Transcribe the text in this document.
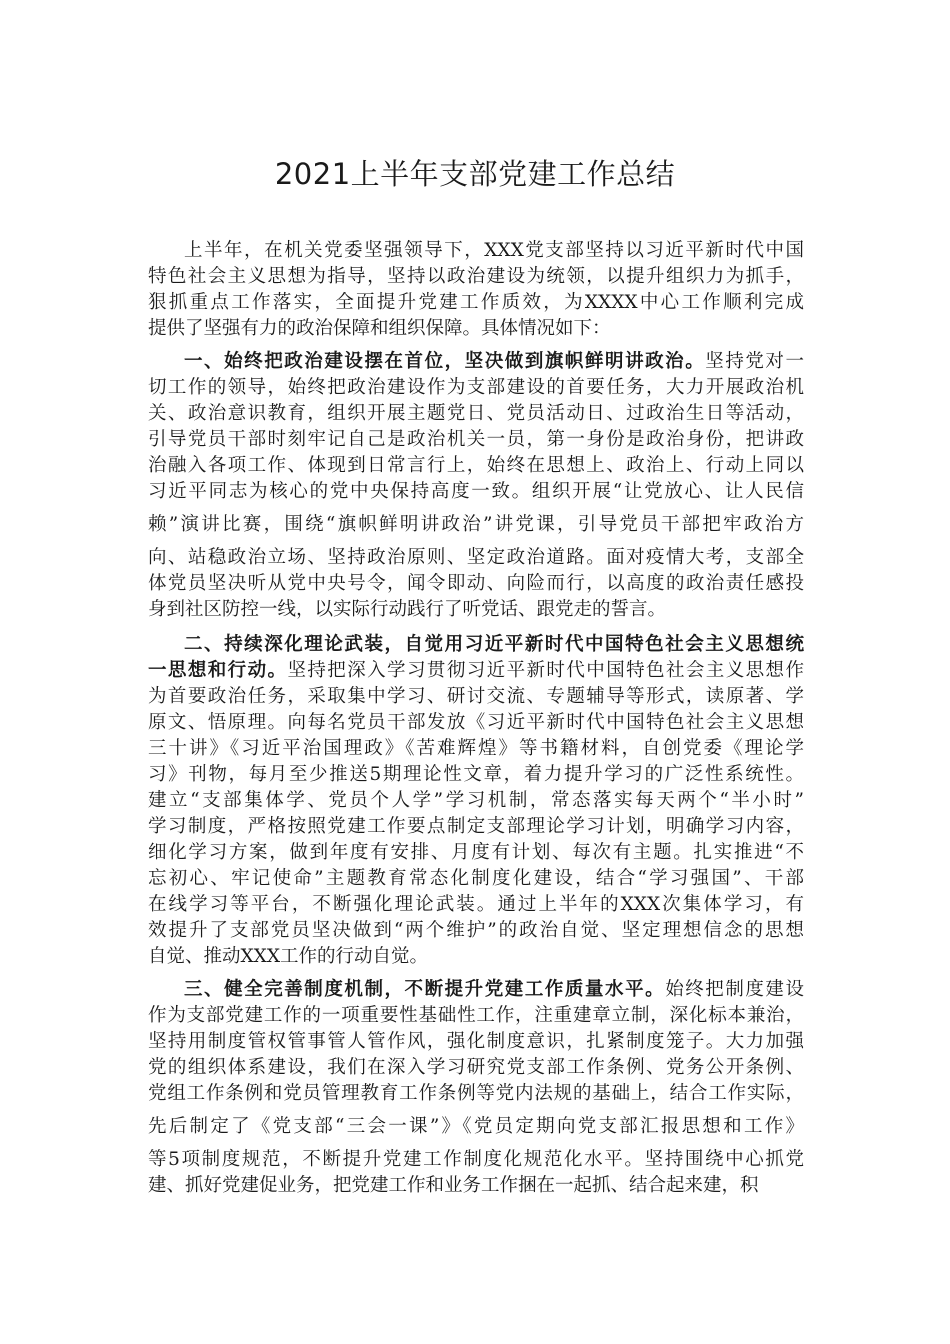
2021上半年支部党建工作总结
上半年，在机关党委坚强领导下，XXX党支部坚持以习近平新时代中国
特色社会主义思想为指导，坚持以政治建设为统领，以提升组织力为抓手，
狠抓重点工作落实，全面提升党建工作质效，为XXXX中心工作顺利完成
提供了坚强有力的政治保障和组织保障。具体情况如下：
一、始终把政治建设摆在首位，坚决做到旗帜鲜明讲政治。坚持党对一
切工作的领导，始终把政治建设作为支部建设的首要任务，大力开展政治机
关、政治意识教育，组织开展主题党日、党员活动日、过政治生日等活动，
引导党员干部时刻牢记自己是政治机关一员，第一身份是政治身份，把讲政
治融入各项工作、体现到日常言行上，始终在思想上、政治上、行动上同以
习近平同志为核心的党中央保持高度一致。组织开展“让党放心、让人民信
赖”演讲比赛，围绕“旗帜鲜明讲政治”讲党课，引导党员干部把牢政治方
向、站稳政治立场、坚持政治原则、坚定政治道路。面对疫情大考，支部全
体党员坚决听从党中央号令，闻令即动、向险而行，以高度的政治责任感投
身到社区防控一线，以实际行动践行了听党话、跟党走的誓言。
二、持续深化理论武装，自觉用习近平新时代中国特色社会主义思想统
一思想和行动。坚持把深入学习贯彻习近平新时代中国特色社会主义思想作
为首要政治任务，采取集中学习、研讨交流、专题辅导等形式，读原著、学
原文、悟原理。向每名党员干部发放《习近平新时代中国特色社会主义思想
三十讲》《习近平治国理政》《苦难辉煌》等书籍材料，自创党委《理论学
习》刊物，每月至少推送5期理论性文章，着力提升学习的广泛性系统性。
建立“支部集体学、党员个人学”学习机制，常态落实每天两个“半小时”
学习制度，严格按照党建工作要点制定支部理论学习计划，明确学习内容，
细化学习方案，做到年度有安排、月度有计划、每次有主题。扎实推进“不
忘初心、牢记使命”主题教育常态化制度化建设，结合“学习强国”、干部
在线学习等平台，不断强化理论武装。通过上半年的XXX次集体学习，有
效提升了支部党员坚决做到“两个维护”的政治自觉、坚定理想信念的思想
自觉、推动XXX工作的行动自觉。
三、健全完善制度机制，不断提升党建工作质量水平。始终把制度建设
作为支部党建工作的一项重要性基础性工作，注重建章立制，深化标本兼治，
坚持用制度管权管事管人管作风，强化制度意识，扎紧制度笼子。大力加强
党的组织体系建设，我们在深入学习研究党支部工作条例、党务公开条例、
党组工作条例和党员管理教育工作条例等党内法规的基础上，结合工作实际，
先后制定了《党支部“三会一课”》《党员定期向党支部汇报思想和工作》
等5项制度规范，不断提升党建工作制度化规范化水平。坚持围绕中心抓党
建、抓好党建促业务，把党建工作和业务工作捆在一起抓、结合起来建，积
